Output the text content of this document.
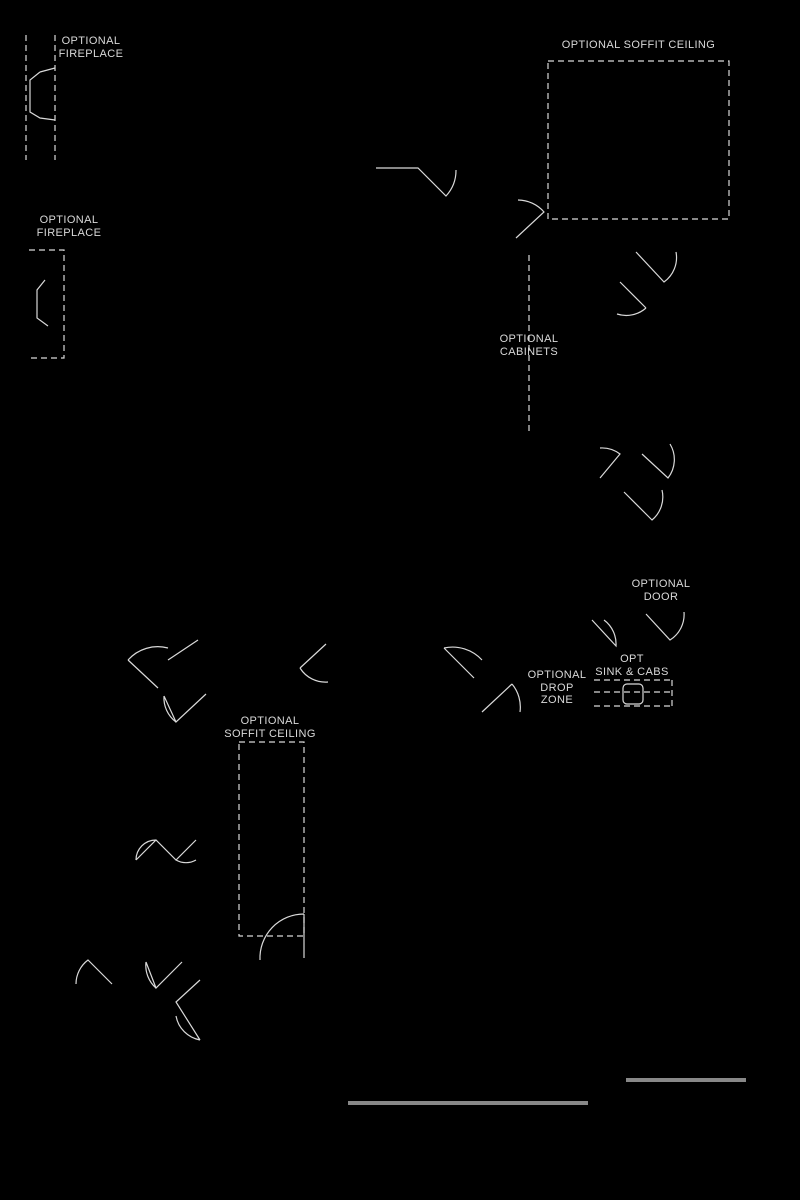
OPTIONAL
FIREPLACE
OPTIONAL
FIREPLACE
OPTIONAL SOFFIT CEILING
OPTIONAL
CABINETS
OPTIONAL
DOOR
OPT
SINK & CABS
OPTIONAL
DROP
ZONE
OPTIONAL
SOFFIT CEILING
